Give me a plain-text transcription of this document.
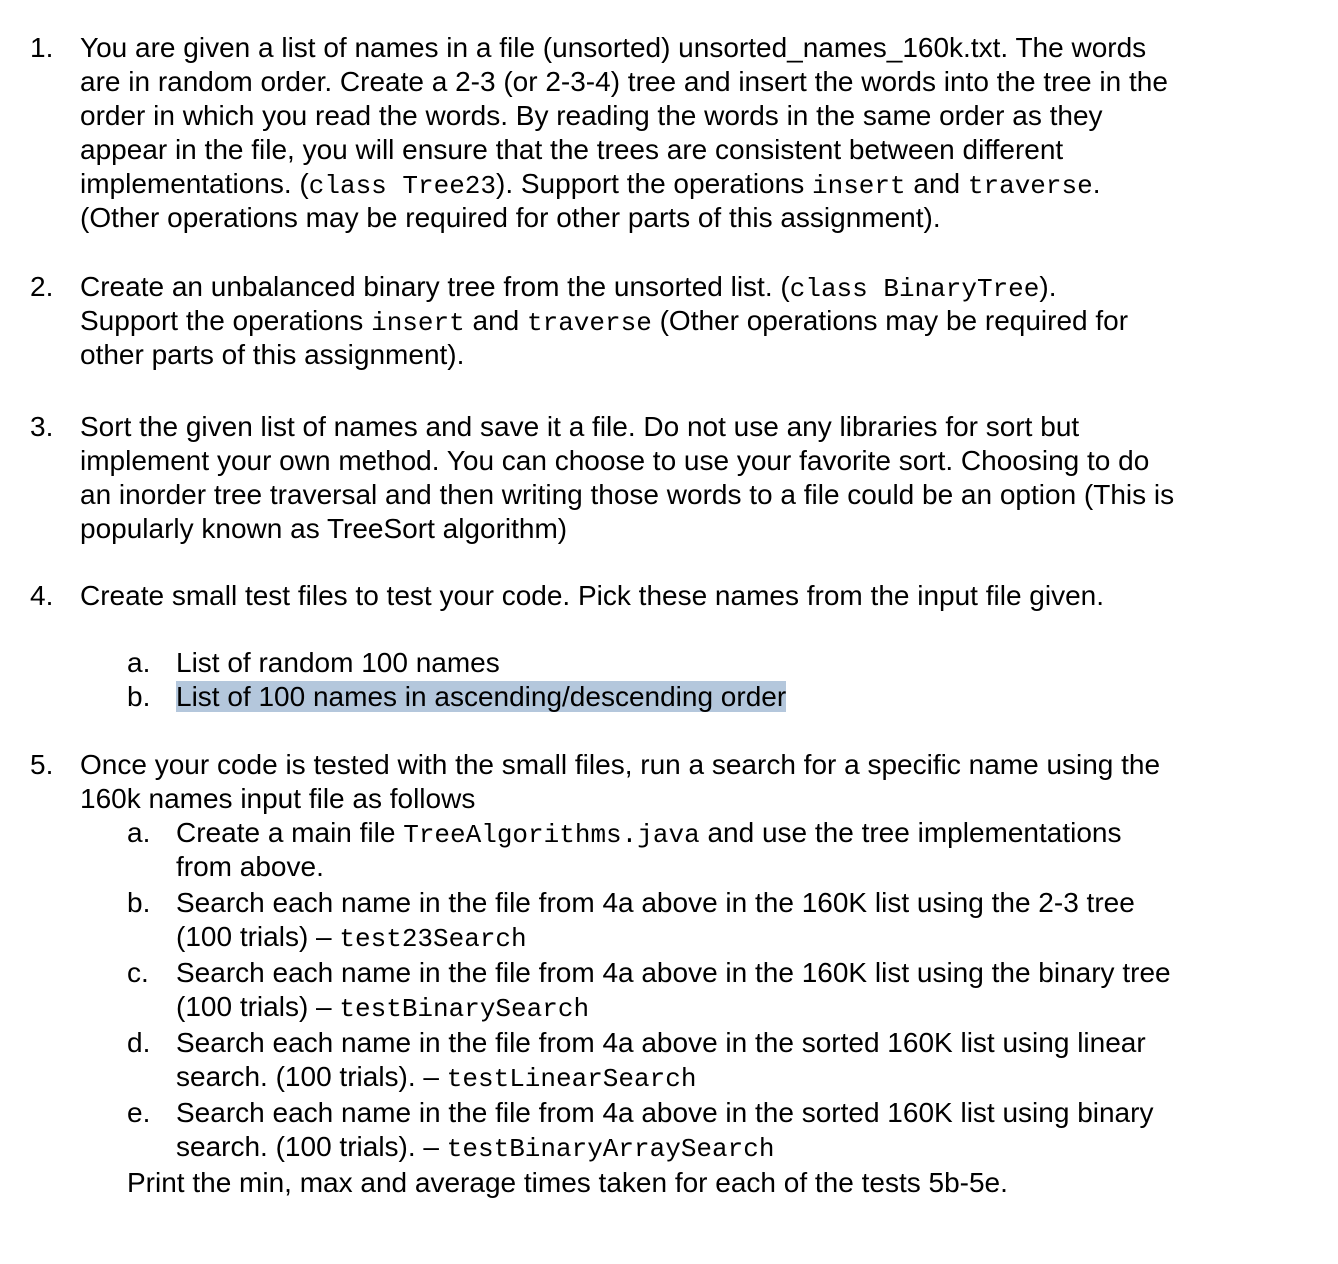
1. You are given a list of names in a file (unsorted) unsorted_names_160k.txt. The words
are in random order. Create a 2-3 (or 2-3-4) tree and insert the words into the tree in the
order in which you read the words. By reading the words in the same order as they
appear in the file, you will ensure that the trees are consistent between different
implementations. (class Tree23). Support the operations insert and traverse.
(Other operations may be required for other parts of this assignment).
2. Create an unbalanced binary tree from the unsorted list. (class BinaryTree).
Support the operations insert and traverse (Other operations may be required for
other parts of this assignment).
3. Sort the given list of names and save it a file. Do not use any libraries for sort but
implement your own method. You can choose to use your favorite sort. Choosing to do
an inorder tree traversal and then writing those words to a file could be an option (This is
popularly known as TreeSort algorithm)
4. Create small test files to test your code. Pick these names from the input file given.
a. List of random 100 names
b. List of 100 names in ascending/descending order
5. Once your code is tested with the small files, run a search for a specific name using the
160k names input file as follows
a. Create a main file TreeAlgorithms.java and use the tree implementations
from above.
b. Search each name in the file from 4a above in the 160K list using the 2-3 tree
(100 trials) – test23Search
c. Search each name in the file from 4a above in the 160K list using the binary tree
(100 trials) – testBinarySearch
d. Search each name in the file from 4a above in the sorted 160K list using linear
search. (100 trials). – testLinearSearch
e. Search each name in the file from 4a above in the sorted 160K list using binary
search. (100 trials). – testBinaryArraySearch
Print the min, max and average times taken for each of the tests 5b-5e.
